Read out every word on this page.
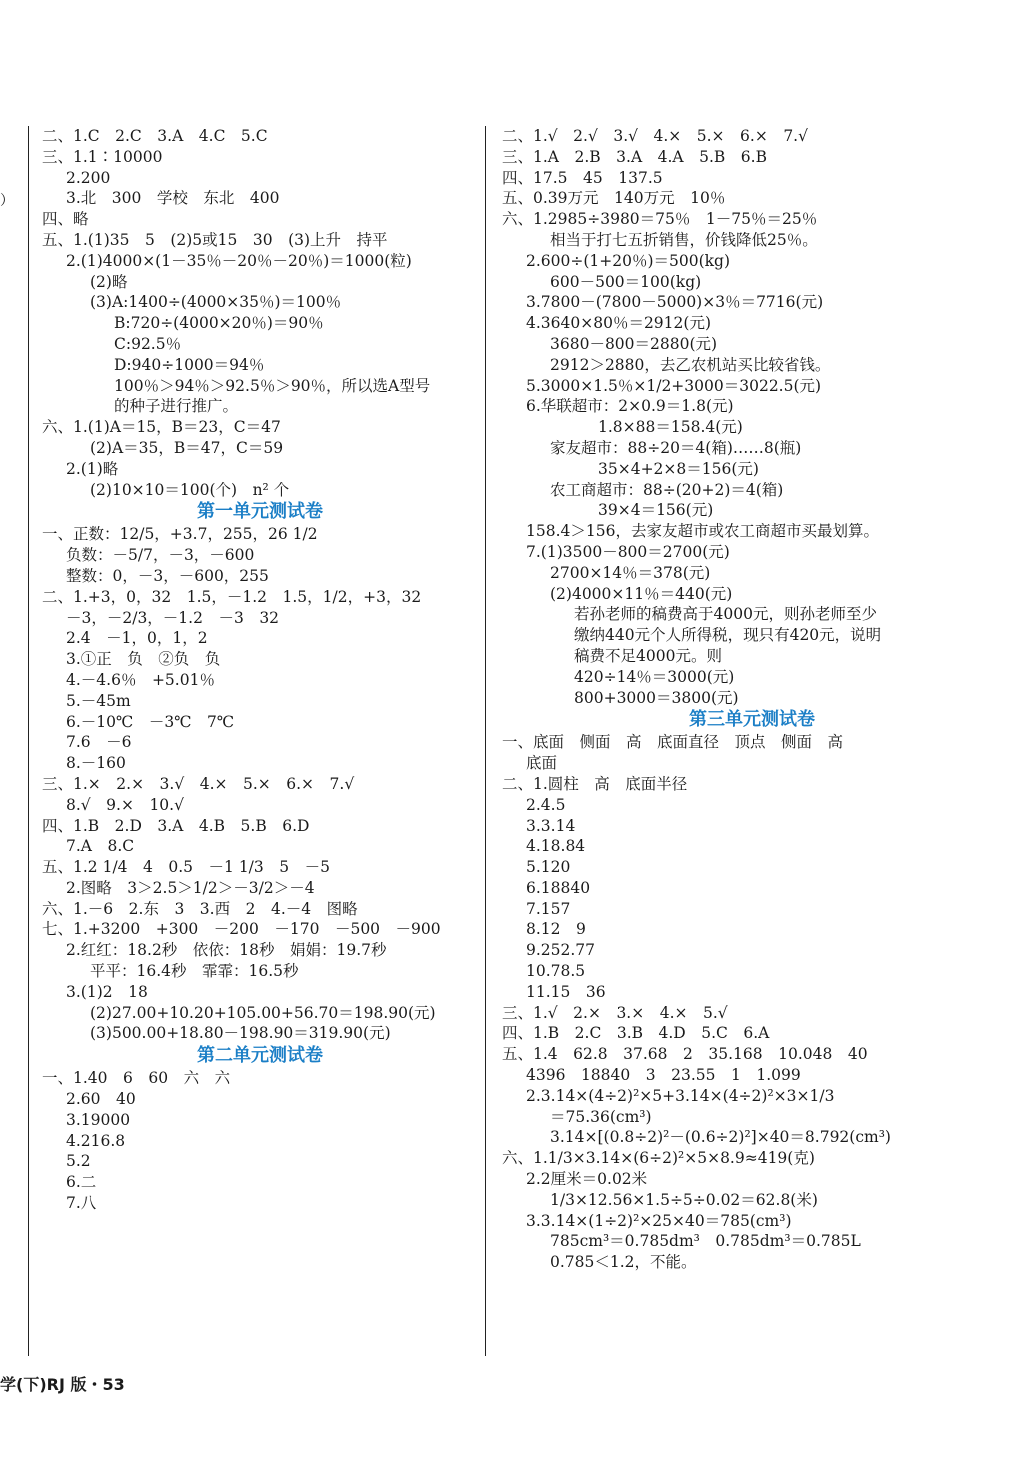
）
二、1.C　2.C　3.A　4.C　5.C
三、1.1∶10000
2.200
3.北　300　学校　东北　400
四、略
五、1.(1)35　5　(2)5或15　30　(3)上升　持平
2.(1)4000×(1－35％－20％－20％)＝1000(粒)
(2)略
(3)A:1400÷(4000×35％)＝100％
B:720÷(4000×20％)＝90％
C:92.5％
D:940÷1000＝94％
100％＞94％＞92.5％＞90％，所以选A型号
的种子进行推广。
六、1.(1)A＝15，B＝23，C＝47
(2)A＝35，B＝47，C＝59
2.(1)略
(2)10×10＝100(个)　n² 个
第一单元测试卷
一、正数：12/5，+3.7，255，26 1/2
负数：－5/7，－3，－600
整数：0，－3，－600，255
二、1.+3，0，32　1.5，－1.2　1.5，1/2，+3，32
－3，－2/3，－1.2　－3　32
2.4　－1，0，1，2
3.①正　负　②负　负
4.－4.6％　+5.01％
5.－45m
6.－10℃　－3℃　7℃
7.6　－6
8.－160
三、1.×　2.×　3.√　4.×　5.×　6.×　7.√
8.√　9.×　10.√
四、1.B　2.D　3.A　4.B　5.B　6.D
7.A　8.C
五、1.2 1/4　4　0.5　－1 1/3　5　－5
2.图略　3＞2.5＞1/2＞－3/2＞－4
六、1.－6　2.东　3　3.西　2　4.－4　图略
七、1.+3200　+300　－200　－170　－500　－900
2.红红：18.2秒　依依：18秒　娟娟：19.7秒
平平：16.4秒　霏霏：16.5秒
3.(1)2　18
(2)27.00+10.20+105.00+56.70＝198.90(元)
(3)500.00+18.80－198.90＝319.90(元)
第二单元测试卷
一、1.40　6　60　六　六
2.60　40
3.19000
4.216.8
5.2
6.二
7.八
二、1.√　2.√　3.√　4.×　5.×　6.×　7.√
三、1.A　2.B　3.A　4.A　5.B　6.B
四、17.5　45　137.5
五、0.39万元　140万元　10％
六、1.2985÷3980＝75％　1－75％＝25％
相当于打七五折销售，价钱降低25％。
2.600÷(1+20％)＝500(kg)
600－500＝100(kg)
3.7800－(7800－5000)×3％＝7716(元)
4.3640×80％＝2912(元)
3680－800＝2880(元)
2912＞2880，去乙农机站买比较省钱。
5.3000×1.5％×1/2+3000＝3022.5(元)
6.华联超市：2×0.9＝1.8(元)
1.8×88＝158.4(元)
家友超市：88÷20＝4(箱)……8(瓶)
35×4+2×8＝156(元)
农工商超市：88÷(20+2)＝4(箱)
39×4＝156(元)
158.4＞156，去家友超市或农工商超市买最划算。
7.(1)3500－800＝2700(元)
2700×14％＝378(元)
(2)4000×11％＝440(元)
若孙老师的稿费高于4000元，则孙老师至少
缴纳440元个人所得税，现只有420元，说明
稿费不足4000元。则
420÷14％＝3000(元)
800+3000＝3800(元)
第三单元测试卷
一、底面　侧面　高　底面直径　顶点　侧面　高
底面
二、1.圆柱　高　底面半径
2.4.5
3.3.14
4.18.84
5.120
6.18840
7.157
8.12　9
9.252.77
10.78.5
11.15　36
三、1.√　2.×　3.×　4.×　5.√
四、1.B　2.C　3.B　4.D　5.C　6.A
五、1.4　62.8　37.68　2　35.168　10.048　40
4396　18840　3　23.55　1　1.099
2.3.14×(4÷2)²×5+3.14×(4÷2)²×3×1/3
＝75.36(cm³)
3.14×[(0.8÷2)²－(0.6÷2)²]×40＝8.792(cm³)
六、1.1/3×3.14×(6÷2)²×5×8.9≈419(克)
2.2厘米＝0.02米
1/3×12.56×1.5÷5÷0.02＝62.8(米)
3.3.14×(1÷2)²×25×40＝785(cm³)
785cm³＝0.785dm³　0.785dm³＝0.785L
0.785＜1.2，不能。
学(下)RJ 版・53
